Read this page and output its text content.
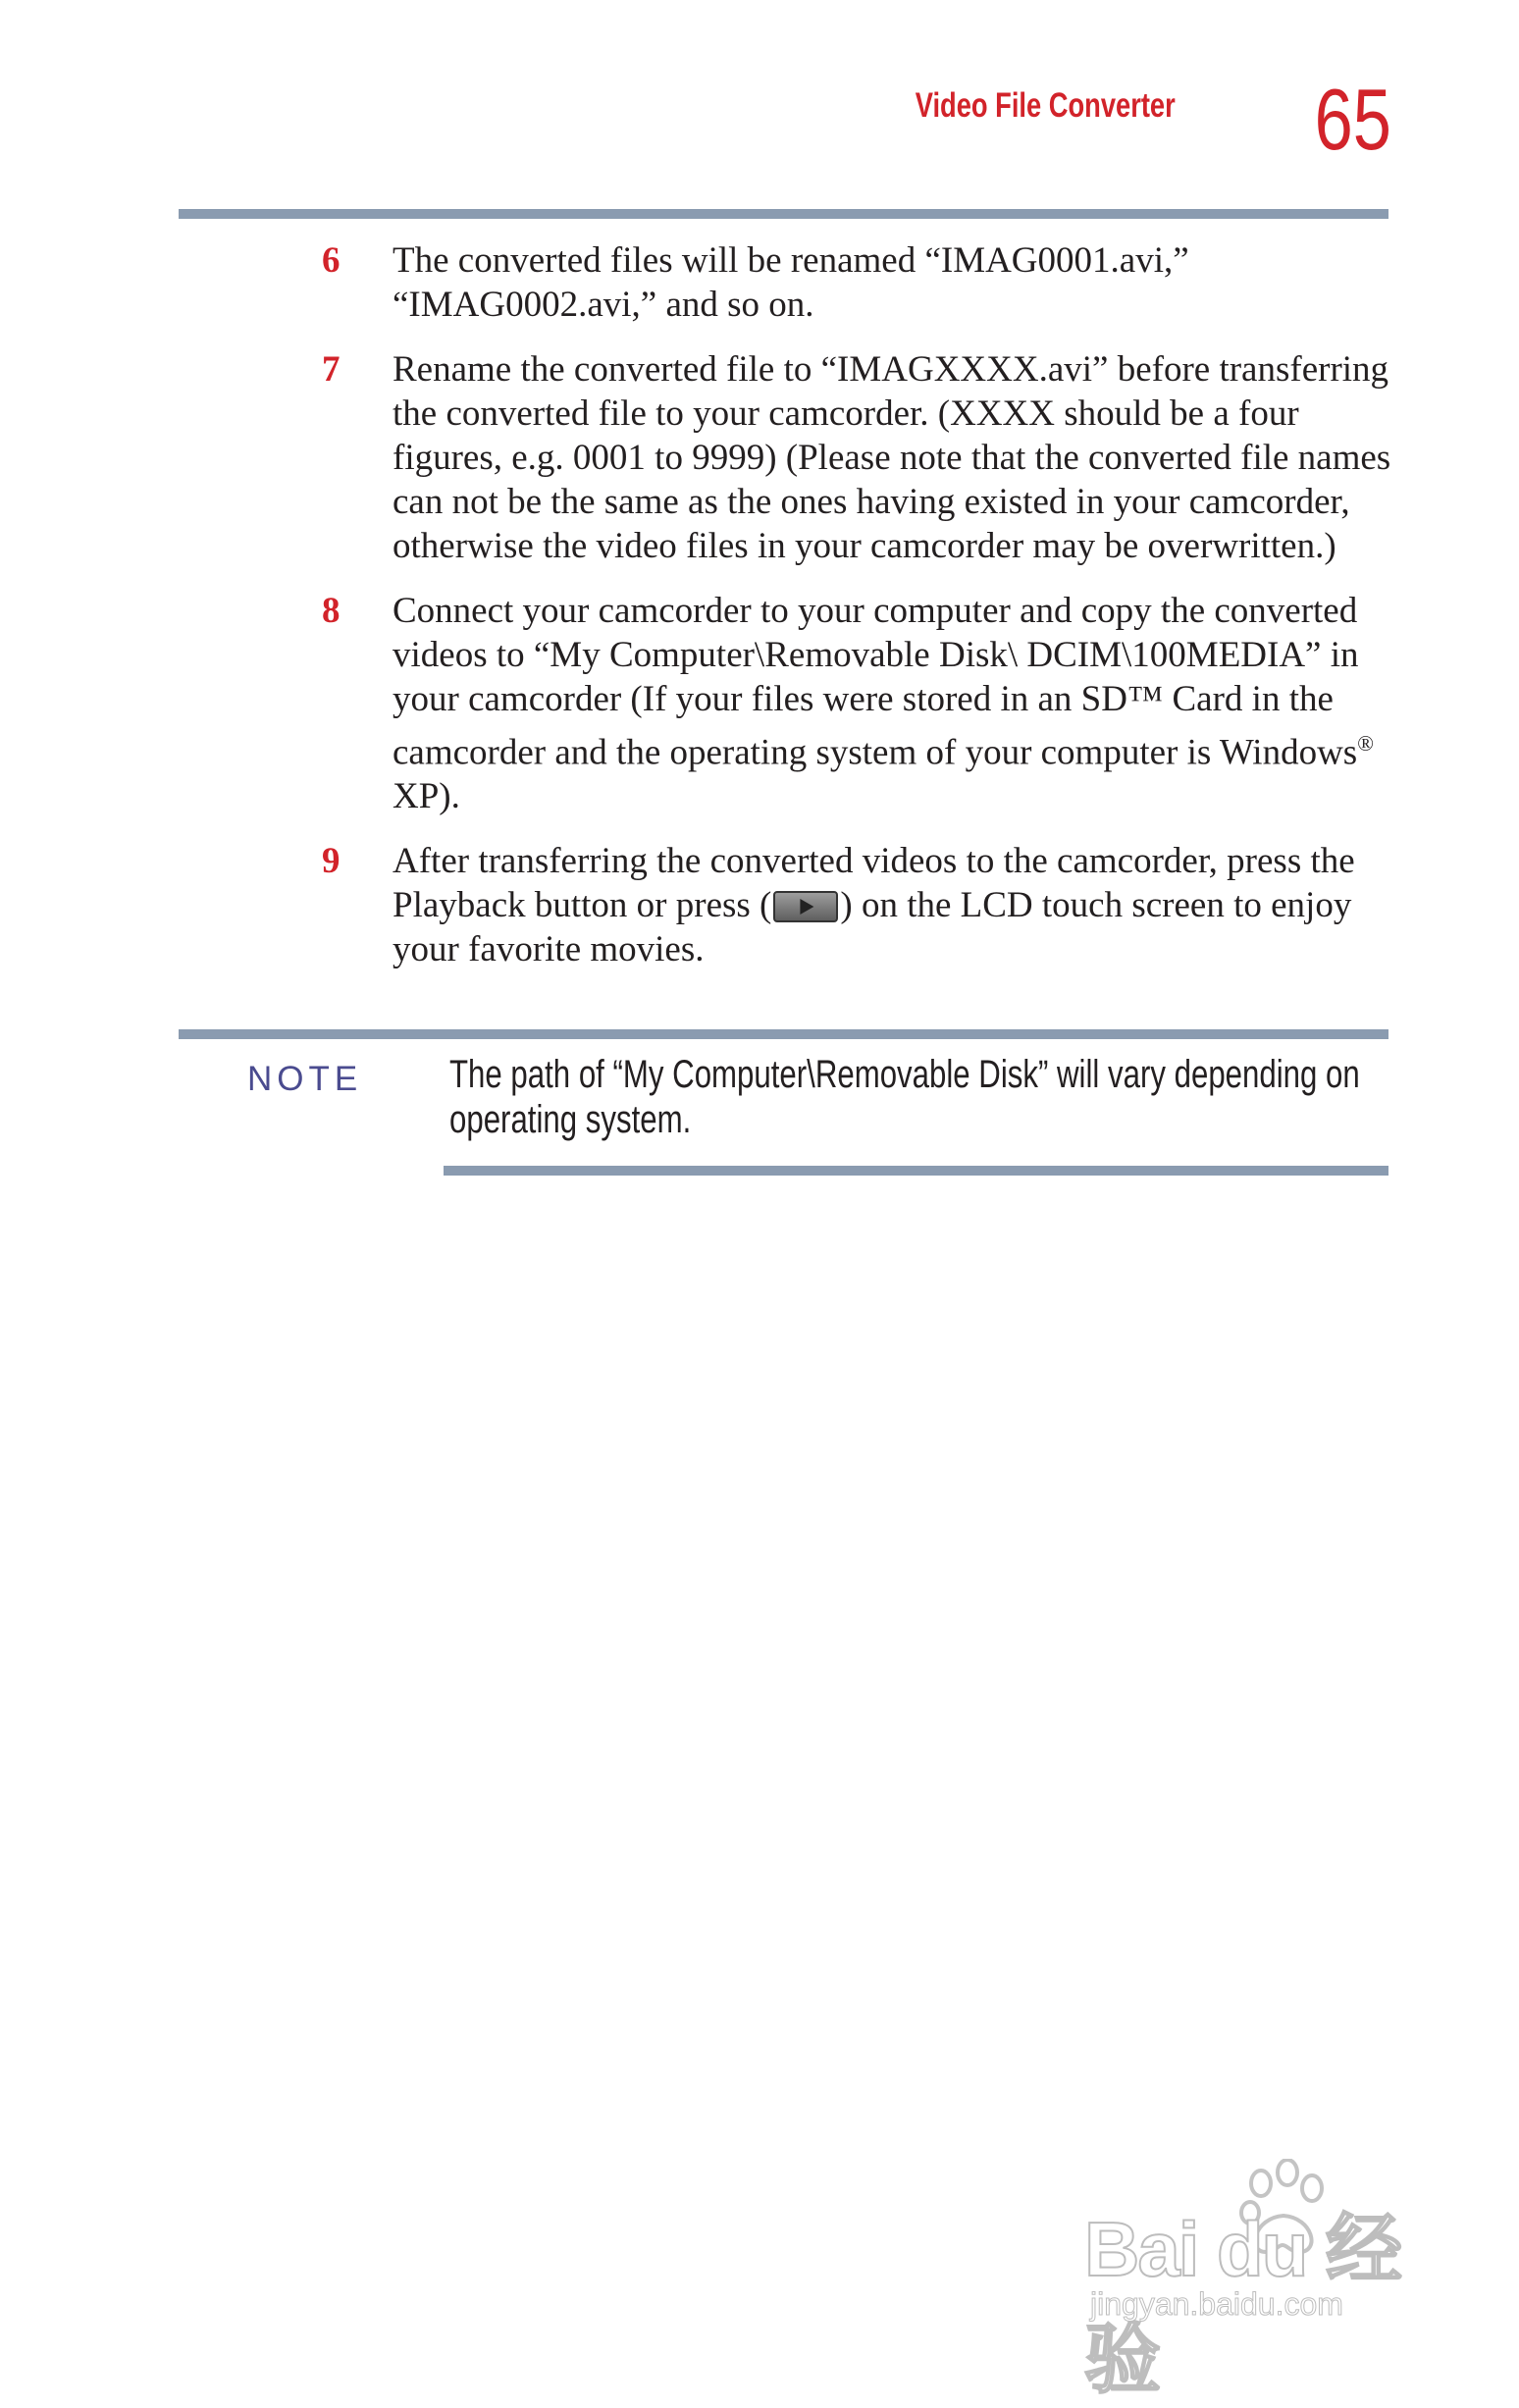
Video File Converter 65
6 The converted files will be renamed “IMAG0001.avi,” “IMAG0002.avi,” and so on.
7 Rename the converted file to “IMAGXXXX.avi” before transferring the converted file to your camcorder. (XXXX should be a four figures, e.g. 0001 to 9999) (Please note that the converted file names can not be the same as the ones having existed in your camcorder, otherwise the video files in your camcorder may be overwritten.)
8 Connect your camcorder to your computer and copy the converted videos to “My Computer\Removable Disk\ DCIM\100MEDIA” in your camcorder (If your files were stored in an SD™ Card in the camcorder and the operating system of your computer is Windows® XP).
9 After transferring the converted videos to the camcorder, press the Playback button or press ( ) on the LCD touch screen to enjoy your favorite movies.
NOTE The path of “My Computer\Removable Disk” will vary depending on operating system.
Bai du 经验
jingyan.baidu.com
